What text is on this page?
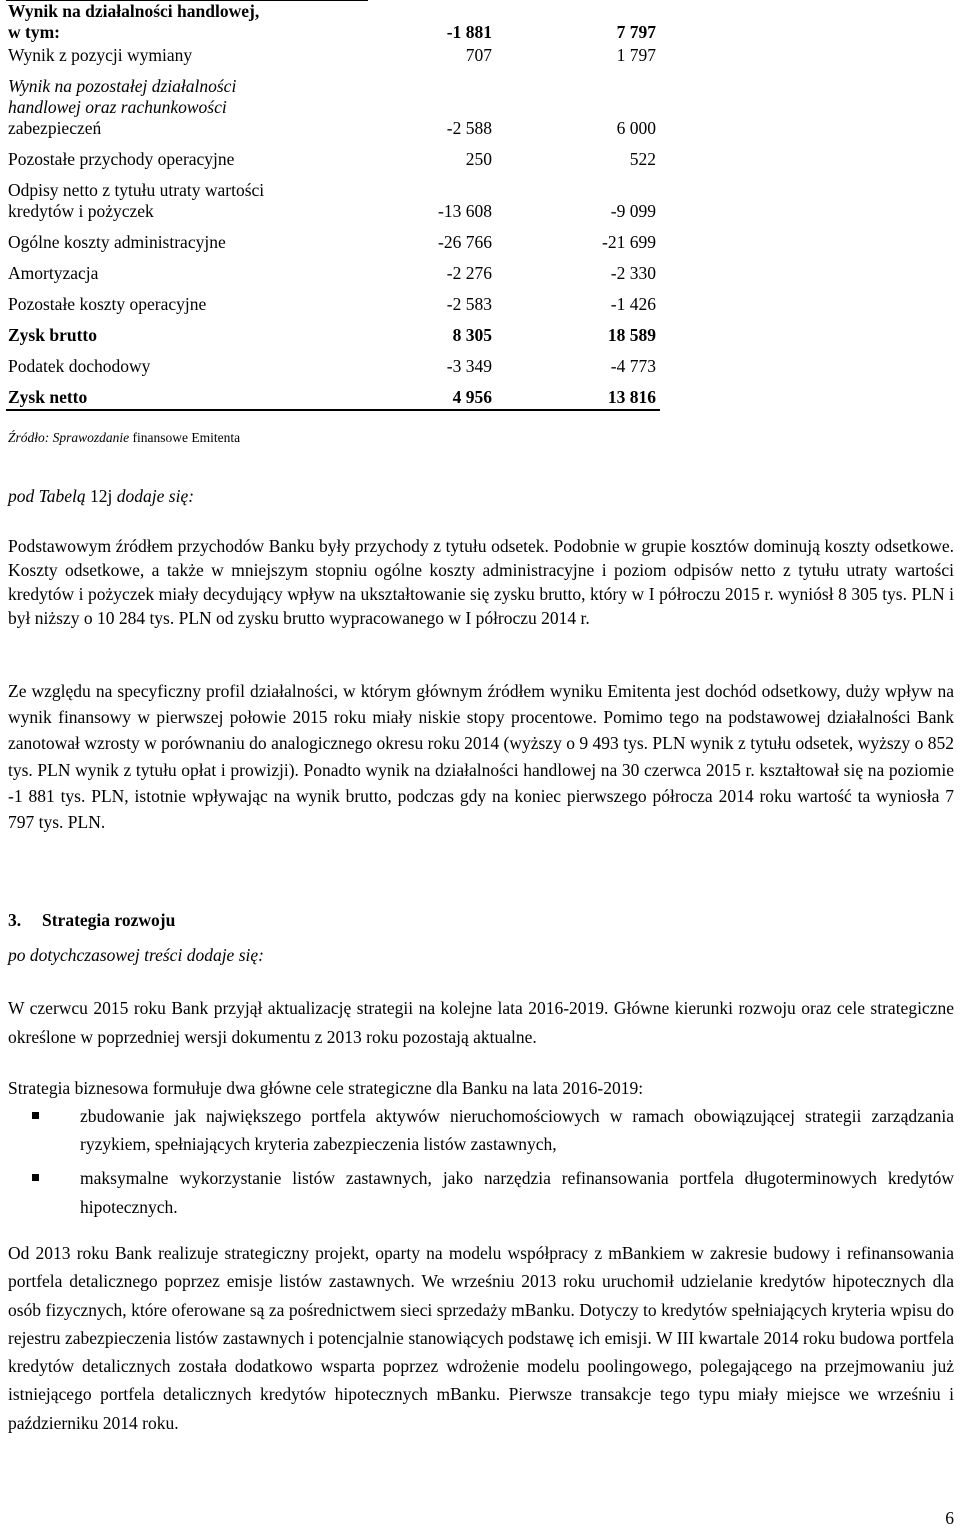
Wynik na działalności handlowej,
w tym:	-1 881	7 797

Wynik z pozycji wymiany	707	1 797

Wynik na pozostałej działalności
handlowej oraz rachunkowości
zabezpieczeń	-2 588	6 000

Pozostałe przychody operacyjne	250	522

Odpisy netto z tytułu utraty wartości
kredytów i pożyczek	-13 608	-9 099

Ogólne koszty administracyjne	-26 766	-21 699

Amortyzacja	-2 276	-2 330

Pozostałe koszty operacyjne	-2 583	-1 426

Zysk brutto	8 305	18 589

Podatek dochodowy	-3 349	-4 773

Zysk netto	4 956	13 816
Źródło: Sprawozdanie finansowe Emitenta
pod Tabelą 12j dodaje się:
Podstawowym źródłem przychodów Banku były przychody z tytułu odsetek. Podobnie w grupie kosztów dominują koszty odsetkowe. Koszty odsetkowe, a także w mniejszym stopniu ogólne koszty administracyjne i poziom odpisów netto z tytułu utraty wartości kredytów i pożyczek miały decydujący wpływ na ukształtowanie się zysku brutto, który w I półroczu 2015 r. wyniósł 8 305 tys. PLN i był niższy o 10 284 tys. PLN od zysku brutto wypracowanego w I półroczu 2014 r.
Ze względu na specyficzny profil działalności, w którym głównym źródłem wyniku Emitenta jest dochód odsetkowy, duży wpływ na wynik finansowy w pierwszej połowie 2015 roku miały niskie stopy procentowe. Pomimo tego na podstawowej działalności Bank zanotował wzrosty w porównaniu do analogicznego okresu roku 2014 (wyższy o 9 493 tys. PLN wynik z tytułu odsetek, wyższy o 852 tys. PLN wynik z tytułu opłat i prowizji). Ponadto wynik na działalności handlowej na 30 czerwca 2015 r. kształtował się na poziomie -1 881 tys. PLN, istotnie wpływając na wynik brutto, podczas gdy na koniec pierwszego półrocza 2014 roku wartość ta wyniosła 7 797 tys. PLN.
3. Strategia rozwoju
po dotychczasowej treści dodaje się:
W czerwcu 2015 roku Bank przyjął aktualizację strategii na kolejne lata 2016-2019. Główne kierunki rozwoju oraz cele strategiczne określone w poprzedniej wersji dokumentu z 2013 roku pozostają aktualne.
Strategia biznesowa formułuje dwa główne cele strategiczne dla Banku na lata 2016-2019:
zbudowanie jak największego portfela aktywów nieruchomościowych w ramach obowiązującej strategii zarządzania ryzykiem, spełniających kryteria zabezpieczenia listów zastawnych,
maksymalne wykorzystanie listów zastawnych, jako narzędzia refinansowania portfela długoterminowych kredytów hipotecznych.
Od 2013 roku Bank realizuje strategiczny projekt, oparty na modelu współpracy z mBankiem w zakresie budowy i refinansowania portfela detalicznego poprzez emisje listów zastawnych. We wrześniu 2013 roku uruchomił udzielanie kredytów hipotecznych dla osób fizycznych, które oferowane są za pośrednictwem sieci sprzedaży mBanku. Dotyczy to kredytów spełniających kryteria wpisu do rejestru zabezpieczenia listów zastawnych i potencjalnie stanowiących podstawę ich emisji. W III kwartale 2014 roku budowa portfela kredytów detalicznych została dodatkowo wsparta poprzez wdrożenie modelu poolingowego, polegającego na przejmowaniu już istniejącego portfela detalicznych kredytów hipotecznych mBanku. Pierwsze transakcje tego typu miały miejsce we wrześniu i październiku 2014 roku.
6
